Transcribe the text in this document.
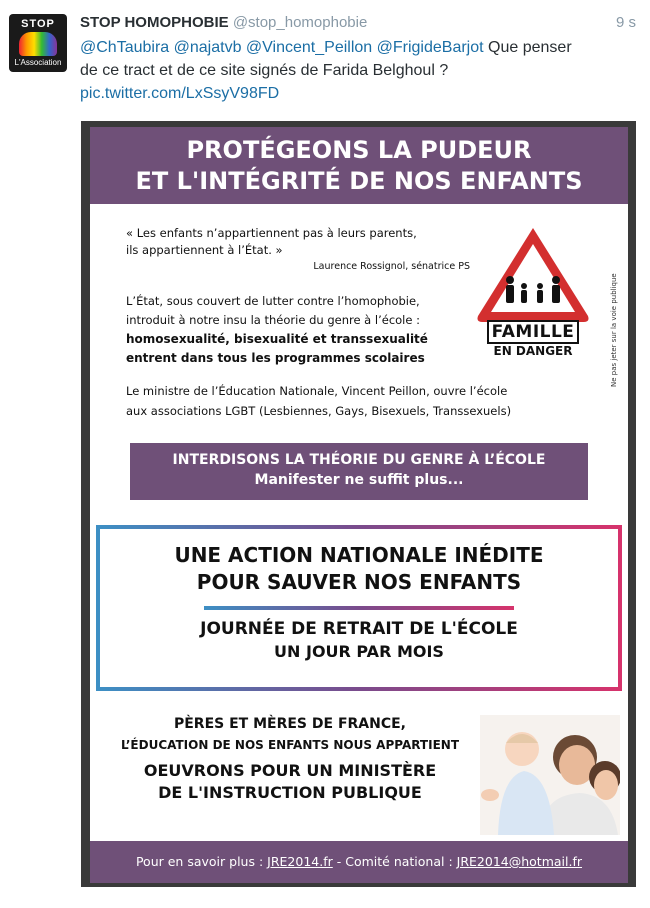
STOP
L'Association
STOP HOMOPHOBIE @stop_homophobie	9 s
@ChTaubira @najatvb @Vincent_Peillon @FrigideBarjot Que penser
de ce tract et de ce site signés de Farida Belghoul ?
pic.twitter.com/LxSsyV98FD
PROTÉGEONS LA PUDEUR
ET L'INTÉGRITÉ DE NOS ENFANTS
« Les enfants n’appartiennent pas à leurs parents,
ils appartiennent à l’État. »
Laurence Rossignol, sénatrice PS
L’État, sous couvert de lutter contre l’homophobie,
introduit à notre insu la théorie du genre à l’école :
homosexualité, bisexualité et transsexualité
entrent dans tous les programmes scolaires
FAMILLE
EN DANGER	Ne pas jeter sur la voie publique
Le ministre de l’Éducation Nationale, Vincent Peillon, ouvre l’école
aux associations LGBT (Lesbiennes, Gays, Bisexuels, Transsexuels)
INTERDISONS LA THÉORIE DU GENRE À L’ÉCOLE
Manifester ne suffit plus...
UNE ACTION NATIONALE INÉDITE
POUR SAUVER NOS ENFANTS
JOURNÉE DE RETRAIT DE L'ÉCOLE
UN JOUR PAR MOIS
PÈRES ET MÈRES DE FRANCE,
L’ÉDUCATION DE NOS ENFANTS NOUS APPARTIENT
OEUVRONS POUR UN MINISTÈRE
DE L'INSTRUCTION PUBLIQUE
Pour en savoir plus : JRE2014.fr - Comité national : JRE2014@hotmail.fr
